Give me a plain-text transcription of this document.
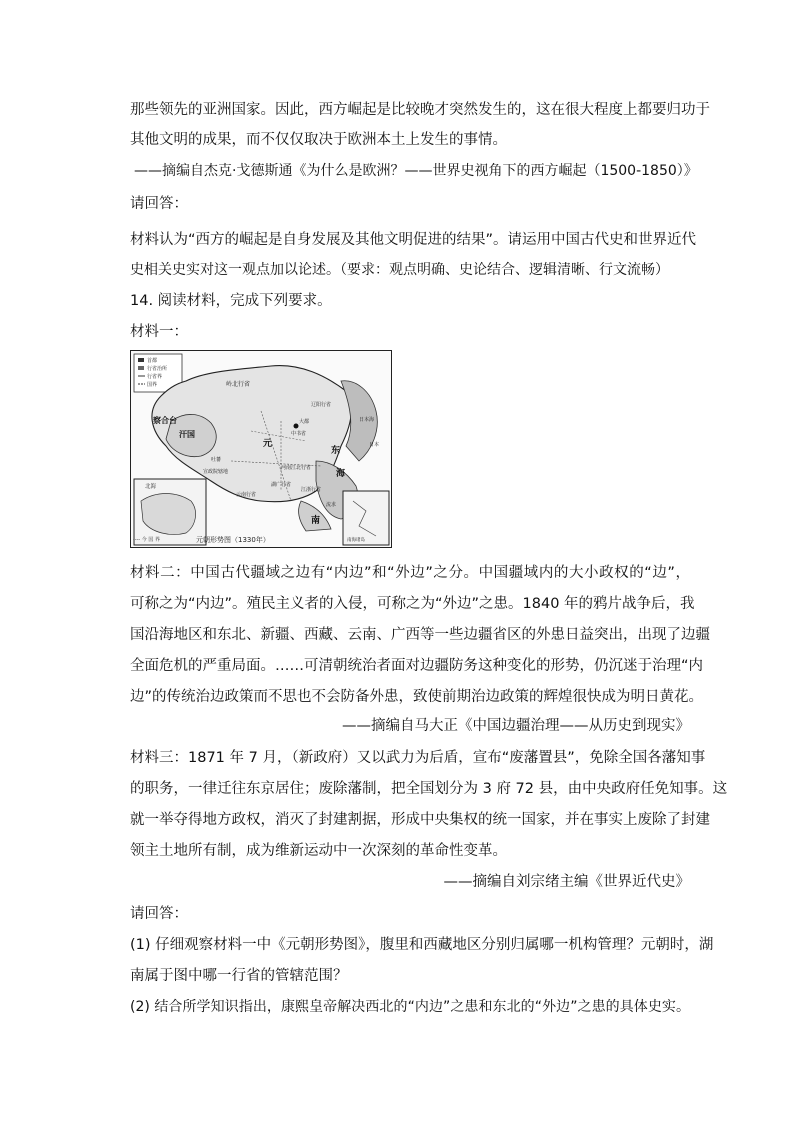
那些领先的亚洲国家。因此，西方崛起是比较晚才突然发生的，这在很大程度上都要归功于
其他文明的成果，而不仅仅取决于欧洲本土上发生的事情。
——摘编自杰克·戈德斯通《为什么是欧洲？——世界史视角下的西方崛起（1500-1850）》
请回答：
材料认为“西方的崛起是自身发展及其他文明促进的结果”。请运用中国古代史和世界近代
史相关史实对这一观点加以论述。（要求：观点明确、史论结合、逻辑清晰、行文流畅）
14. 阅读材料，完成下列要求。
材料一：
首都
行省治所
行省界
国界	岭北行省
察合台
汗国
元
东
海
南
北海
辽阳行省
中书省
河南江北行省
湖广行省
江浙行省
云南行省
吐蕃
宣政院辖地
大都	日本海
日本
流求
南海诸岛
---- 今 国 界	元朝形势图（1330年）
材料二：中国古代疆域之边有“内边”和“外边”之分。中国疆域内的大小政权的“边”，
可称之为“内边”。殖民主义者的入侵，可称之为“外边”之患。1840 年的鸦片战争后，我
国沿海地区和东北、新疆、西藏、云南、广西等一些边疆省区的外患日益突出，出现了边疆
全面危机的严重局面。……可清朝统治者面对边疆防务这种变化的形势，仍沉迷于治理“内
边”的传统治边政策而不思也不会防备外患，致使前期治边政策的辉煌很快成为明日黄花。
——摘编自马大正《中国边疆治理——从历史到现实》
材料三：1871 年 7 月，（新政府）又以武力为后盾，宣布“废藩置县”，免除全国各藩知事
的职务，一律迁往东京居住；废除藩制，把全国划分为 3 府 72 县，由中央政府任免知事。这
就一举夺得地方政权，消灭了封建割据，形成中央集权的统一国家，并在事实上废除了封建
领主土地所有制，成为维新运动中一次深刻的革命性变革。
——摘编自刘宗绪主编《世界近代史》
请回答：
(1) 仔细观察材料一中《元朝形势图》，腹里和西藏地区分别归属哪一机构管理？元朝时，湖
南属于图中哪一行省的管辖范围？
(2) 结合所学知识指出，康熙皇帝解决西北的“内边”之患和东北的“外边”之患的具体史实。
